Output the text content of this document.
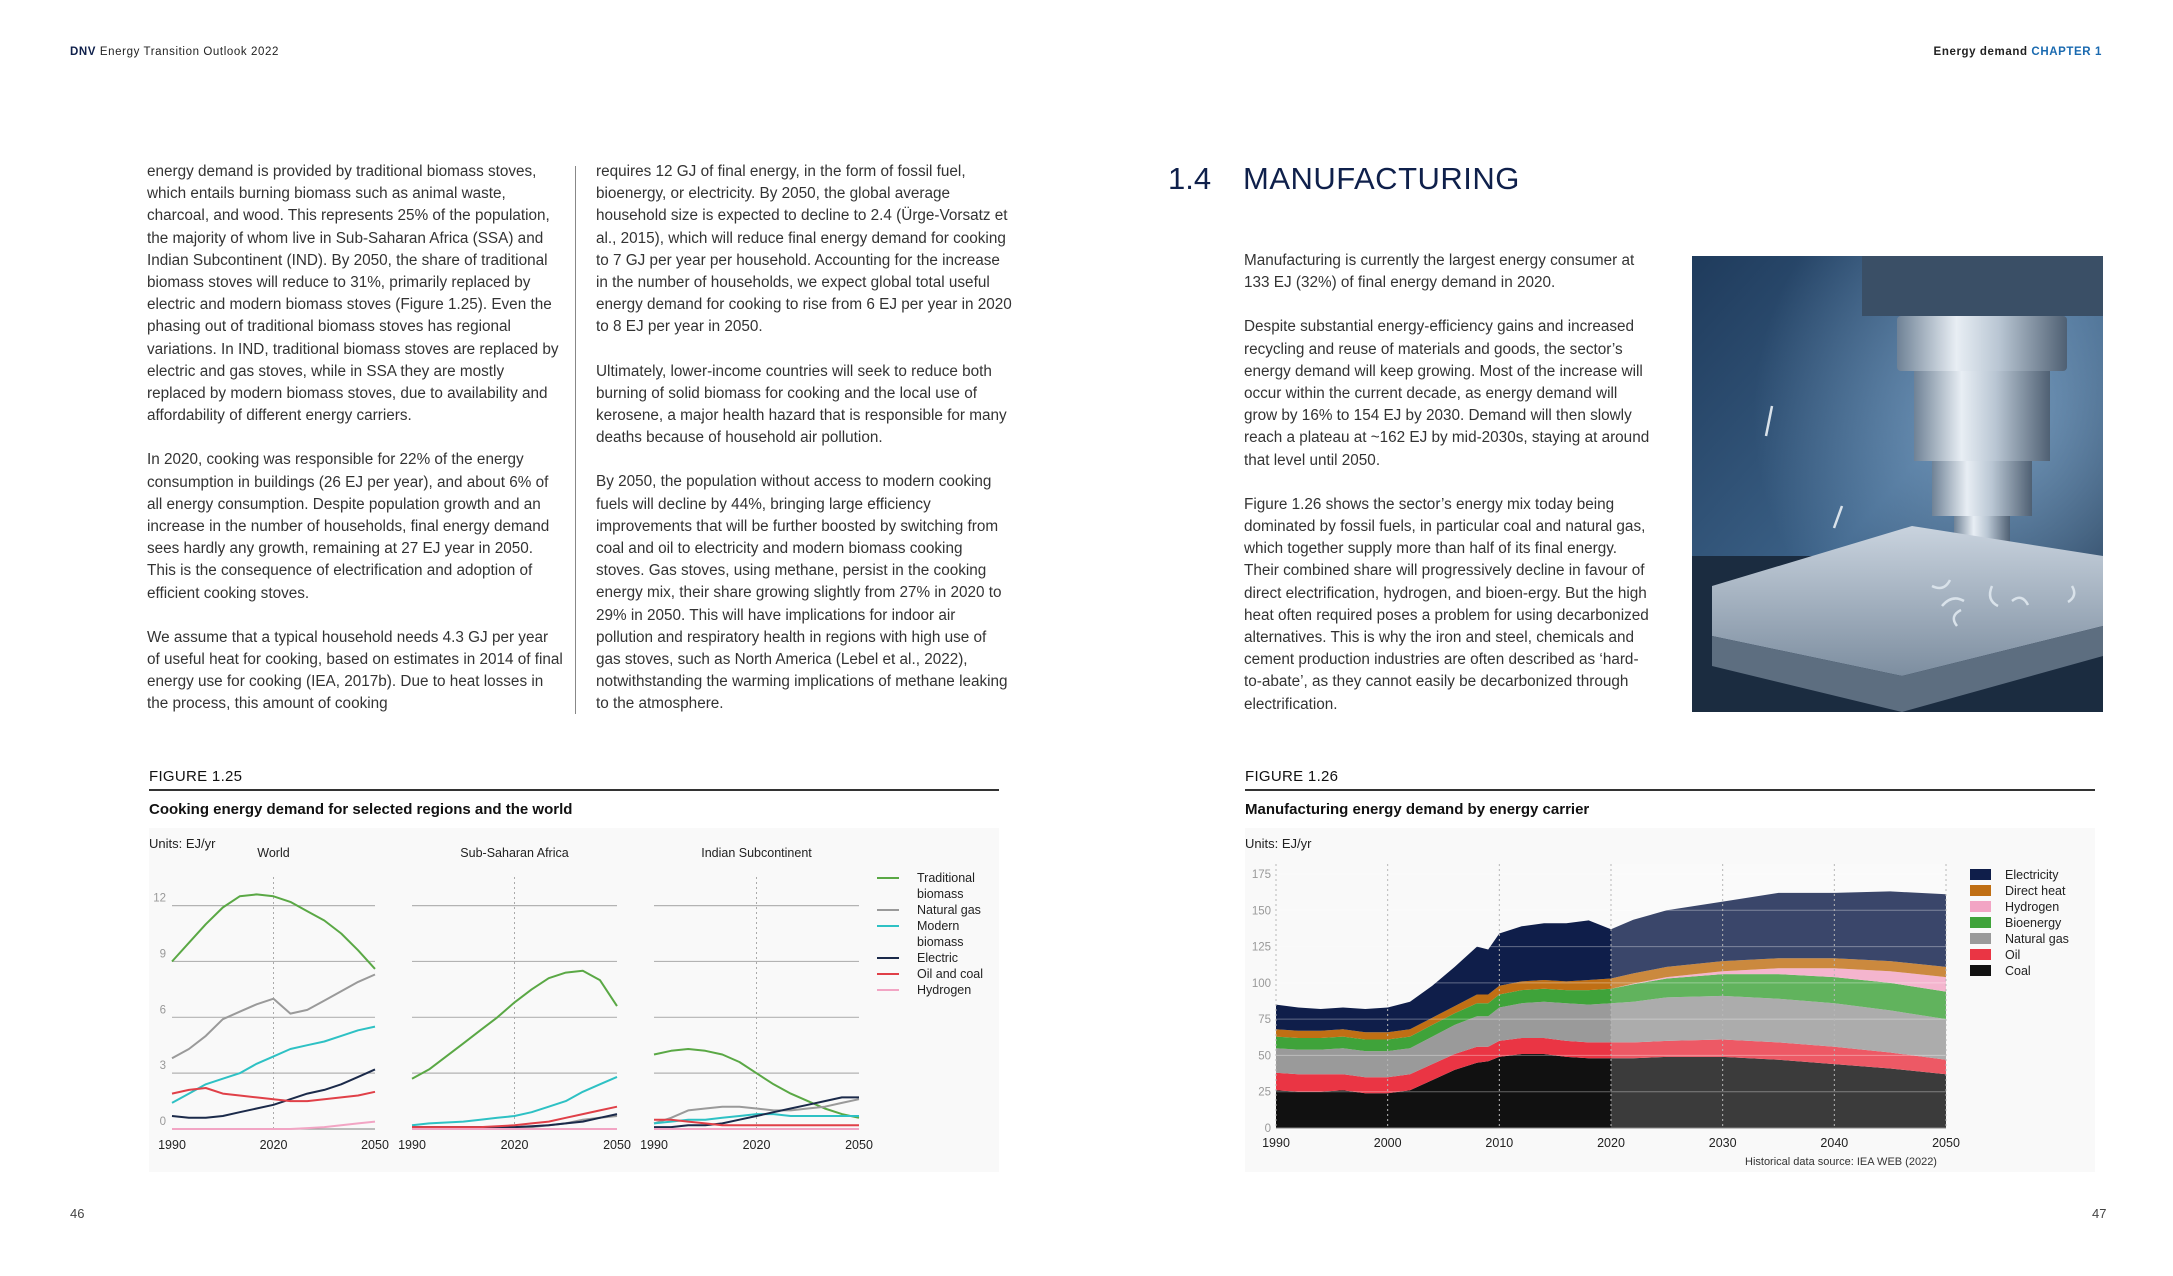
DNV Energy Transition Outlook 2022	Energy demand CHAPTER 1

energy demand is provided by traditional biomass stoves, which entails burning biomass such as animal waste, charcoal, and wood. This represents 25% of the population, the majority of whom live in Sub-Saharan Africa (SSA) and Indian Subcontinent (IND). By 2050, the share of traditional biomass stoves will reduce to 31%, primarily replaced by electric and modern biomass stoves (Figure 1.25). Even the phasing out of traditional biomass stoves has regional variations. In IND, traditional biomass stoves are replaced by electric and gas stoves, while in SSA they are mostly replaced by modern biomass stoves, due to availability and affordability of different energy carriers.

In 2020, cooking was responsible for 22% of the energy consumption in buildings (26 EJ per year), and about 6% of all energy consumption. Despite population growth and an increase in the number of households, final energy demand sees hardly any growth, remaining at 27 EJ year in 2050. This is the consequence of electrification and adoption of efficient cooking stoves.

We assume that a typical household needs 4.3 GJ per year of useful heat for cooking, based on estimates in 2014 of final energy use for cooking (IEA, 2017b). Due to heat losses in the process, this amount of cooking

requires 12 GJ of final energy, in the form of fossil fuel, bioenergy, or electricity. By 2050, the global average household size is expected to decline to 2.4 (Ürge-Vorsatz et al., 2015), which will reduce final energy demand for cooking to 7 GJ per year per household. Accounting for the increase in the number of households, we expect global total useful energy demand for cooking to rise from 6 EJ per year in 2020 to 8 EJ per year in 2050.

Ultimately, lower-income countries will seek to reduce both burning of solid biomass for cooking and the local use of kerosene, a major health hazard that is responsible for many deaths because of household air pollution.

By 2050, the population without access to modern cooking fuels will decline by 44%, bringing large efficiency improvements that will be further boosted by switching from coal and oil to electricity and modern biomass cooking stoves. Gas stoves, using methane, persist in the cooking energy mix, their share growing slightly from 27% in 2020 to 29% in 2050. This will have implications for indoor air pollution and respiratory health in regions with high use of gas stoves, such as North America (Lebel et al., 2022), notwithstanding the warming implications of methane leaking to the atmosphere.

1.4 MANUFACTURING

Manufacturing is currently the largest energy consumer at 133 EJ (32%) of final energy demand in 2020.

Despite substantial energy-efficiency gains and increased recycling and reuse of materials and goods, the sector’s energy demand will keep growing. Most of the increase will occur within the current decade, as energy demand will grow by 16% to 154 EJ by 2030. Demand will then slowly reach a plateau at ~162 EJ by mid-2030s, staying at around that level until 2050.

Figure 1.26 shows the sector’s energy mix today being dominated by fossil fuels, in particular coal and natural gas, which together supply more than half of its final energy. Their combined share will progressively decline in favour of direct electrification, hydrogen, and bioen-ergy. But the high heat often required poses a problem for using decarbonized alternatives. This is why the iron and steel, chemicals and cement production industries are often described as ‘hard-to-abate’, as they cannot easily be decarbonized through electrification.

FIGURE 1.25
Cooking energy demand for selected regions and the world
Units: EJ/yr
World
0
3
6
9
12
1990	2020	2050
Sub-Saharan Africa
1990	2020	2050
Indian Subcontinent
1990	2020	2050
Traditional
biomass
Natural gas
Modern
biomass
Electric
Oil and coal
Hydrogen
FIGURE 1.26
Manufacturing energy demand by energy carrier
Units: EJ/yr
0
25
50
75
100
125
150
175
1990	2000	2010	2020	2030	2040	2050
Electricity
Direct heat
Hydrogen
Bioenergy
Natural gas
Oil
Coal
Historical data source: IEA WEB (2022)
46	47
